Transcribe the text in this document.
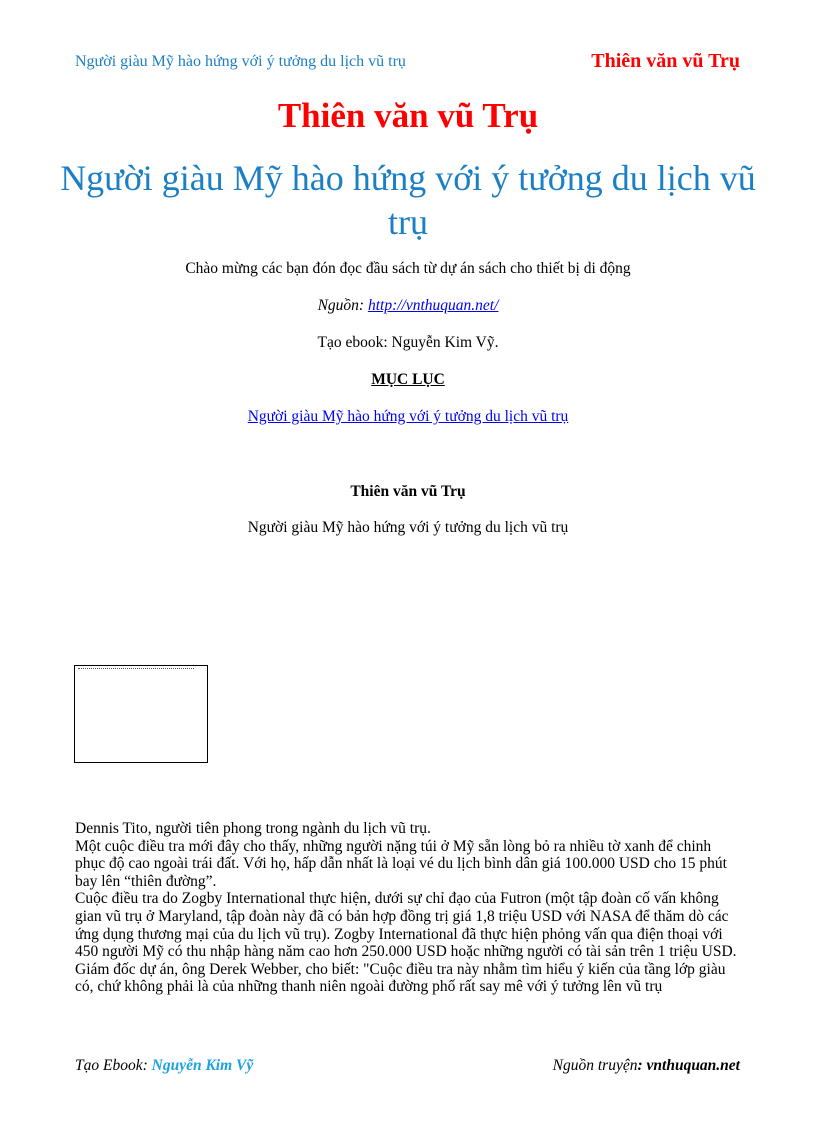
Người giàu Mỹ hào hứng với ý tưởng du lịch vũ trụ	Thiên văn vũ Trụ
Thiên văn vũ Trụ
Người giàu Mỹ hào hứng với ý tưởng du lịch vũ trụ
Chào mừng các bạn đón đọc đầu sách từ dự án sách cho thiết bị di động
Nguồn: http://vnthuquan.net/
Tạo ebook: Nguyễn Kim Vỹ.
MỤC LỤC
Người giàu Mỹ hào hứng với ý tưởng du lịch vũ trụ
Thiên văn vũ Trụ
Người giàu Mỹ hào hứng với ý tưởng du lịch vũ trụ

Dennis Tito, người tiên phong trong ngành du lịch vũ trụ.

Một cuộc điều tra mới đây cho thấy, những người nặng túi ở Mỹ sẵn lòng bỏ ra nhiều tờ xanh để chinh phục độ cao ngoài trái đất. Với họ, hấp dẫn nhất là loại vé du lịch bình dân giá 100.000 USD cho 15 phút bay lên “thiên đường”.

Cuộc điều tra do Zogby International thực hiện, dưới sự chỉ đạo của Futron (một tập đoàn cố vấn không gian vũ trụ ở Maryland, tập đoàn này đã có bản hợp đồng trị giá 1,8 triệu USD với NASA để thăm dò các ứng dụng thương mại của du lịch vũ trụ). Zogby International đã thực hiện phỏng vấn qua điện thoại với 450 người Mỹ có thu nhập hàng năm cao hơn 250.000 USD hoặc những người có tài sản trên 1 triệu USD.

Giám đốc dự án, ông Derek Webber, cho biết: "Cuộc điều tra này nhằm tìm hiểu ý kiến của tầng lớp giàu có, chứ không phải là của những thanh niên ngoài đường phố rất say mê với ý tưởng lên vũ trụ

Tạo Ebook: Nguyễn Kim Vỹ	Nguồn truyện: vnthuquan.net
